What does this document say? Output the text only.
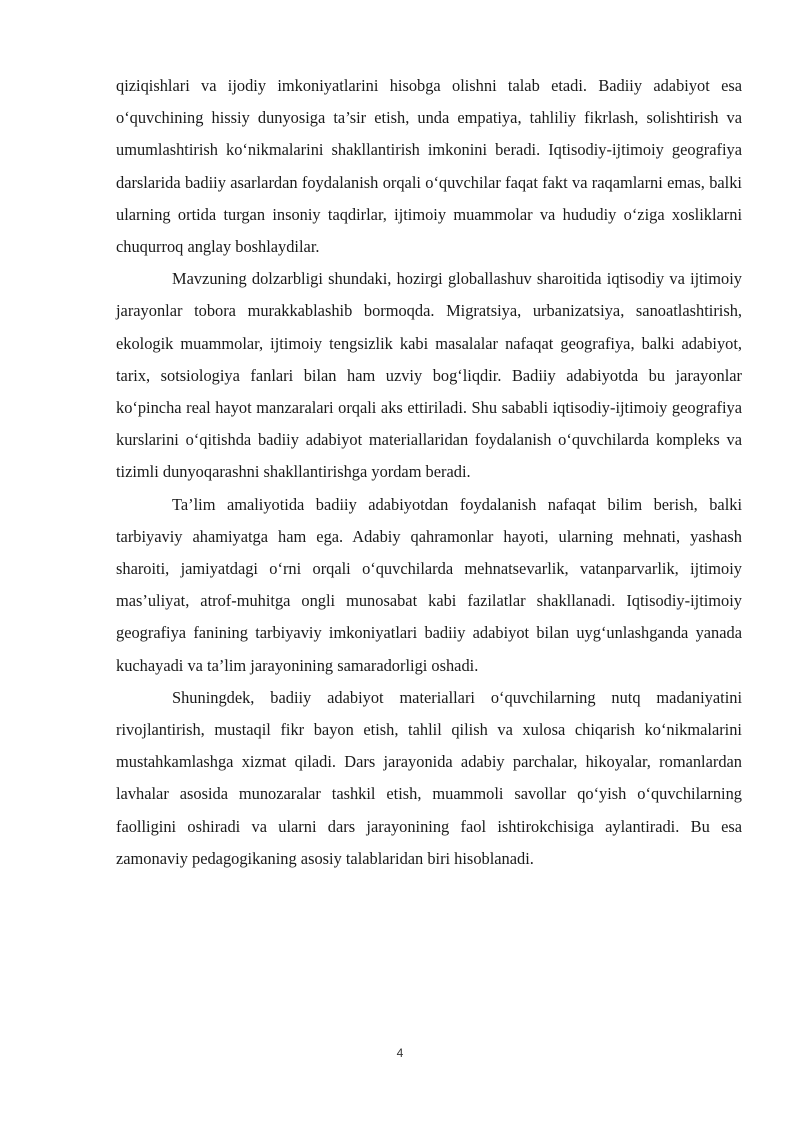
qiziqishlari va ijodiy imkoniyatlarini hisobga olishni talab etadi. Badiiy adabiyot esa o‘quvchining hissiy dunyosiga ta’sir etish, unda empatiya, tahliliy fikrlash, solishtirish va umumlashtirish ko‘nikmalarini shakllantirish imkonini beradi. Iqtisodiy-ijtimoiy geografiya darslarida badiiy asarlardan foydalanish orqali o‘quvchilar faqat fakt va raqamlarni emas, balki ularning ortida turgan insoniy taqdirlar, ijtimoiy muammolar va hududiy o‘ziga xosliklarni chuqurroq anglay boshlaydilar.

Mavzuning dolzarbligi shundaki, hozirgi globallashuv sharoitida iqtisodiy va ijtimoiy jarayonlar tobora murakkablashib bormoqda. Migratsiya, urbanizatsiya, sanoatlashtirish, ekologik muammolar, ijtimoiy tengsizlik kabi masalalar nafaqat geografiya, balki adabiyot, tarix, sotsiologiya fanlari bilan ham uzviy bog‘liqdir. Badiiy adabiyotda bu jarayonlar ko‘pincha real hayot manzaralari orqali aks ettiriladi. Shu sababli iqtisodiy-ijtimoiy geografiya kurslarini o‘qitishda badiiy adabiyot materiallaridan foydalanish o‘quvchilarda kompleks va tizimli dunyoqarashni shakllantirishga yordam beradi.

Ta’lim amaliyotida badiiy adabiyotdan foydalanish nafaqat bilim berish, balki tarbiyaviy ahamiyatga ham ega. Adabiy qahramonlar hayoti, ularning mehnati, yashash sharoiti, jamiyatdagi o‘rni orqali o‘quvchilarda mehnatsevarlik, vatanparvarlik, ijtimoiy mas’uliyat, atrof-muhitga ongli munosabat kabi fazilatlar shakllanadi. Iqtisodiy-ijtimoiy geografiya fanining tarbiyaviy imkoniyatlari badiiy adabiyot bilan uyg‘unlashganda yanada kuchayadi va ta’lim jarayonining samaradorligi oshadi.

Shuningdek, badiiy adabiyot materiallari o‘quvchilarning nutq madaniyatini rivojlantirish, mustaqil fikr bayon etish, tahlil qilish va xulosa chiqarish ko‘nikmalarini mustahkamlashga xizmat qiladi. Dars jarayonida adabiy parchalar, hikoyalar, romanlardan lavhalar asosida munozaralar tashkil etish, muammoli savollar qo‘yish o‘quvchilarning faolligini oshiradi va ularni dars jarayonining faol ishtirokchisiga aylantiradi. Bu esa zamonaviy pedagogikaning asosiy talablaridan biri hisoblanadi.

4
